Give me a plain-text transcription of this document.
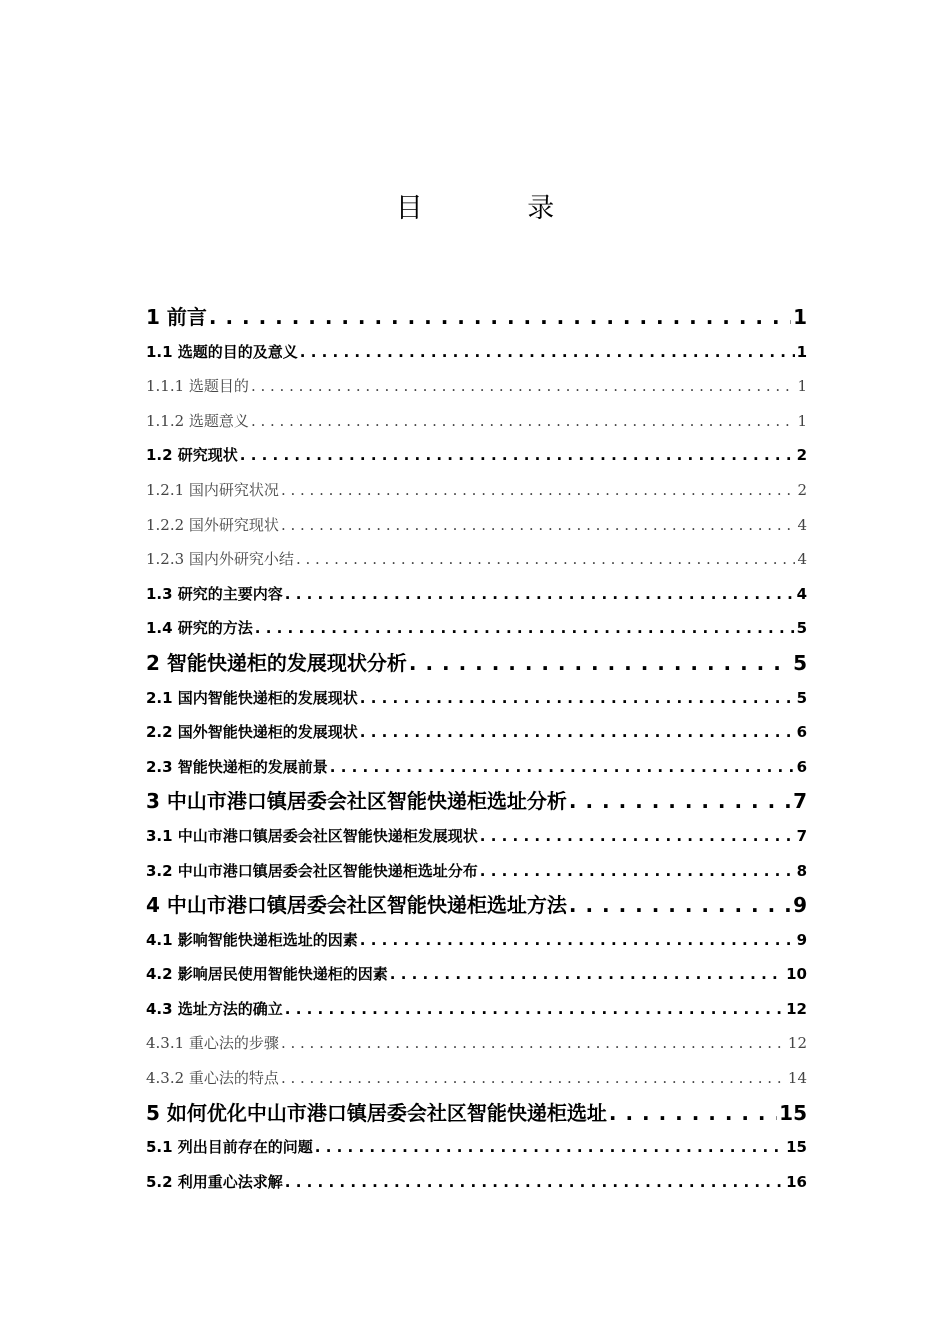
目 录
1 前言 . . .	1
1.1 选题的目的及意义 . . .	1
1.1.1 选题目的 . . .	1
1.1.2 选题意义 . . .	1
1.2 研究现状 . . .	2
1.2.1 国内研究状况 . . .	2
1.2.2 国外研究现状 . . .	4
1.2.3 国内外研究小结 . . .	4
1.3 研究的主要内容 . . .	4
1.4 研究的方法 . . .	5
2 智能快递柜的发展现状分析 . . .	5
2.1 国内智能快递柜的发展现状 . . .	5
2.2 国外智能快递柜的发展现状 . . .	6
2.3 智能快递柜的发展前景 . . .	6
3 中山市港口镇居委会社区智能快递柜选址分析 . . .	7
3.1 中山市港口镇居委会社区智能快递柜发展现状 . . .	7
3.2 中山市港口镇居委会社区智能快递柜选址分布 . . .	8
4 中山市港口镇居委会社区智能快递柜选址方法 . . .	9
4.1 影响智能快递柜选址的因素 . . .	9
4.2 影响居民使用智能快递柜的因素 . . .	10
4.3 选址方法的确立 . . .	12
4.3.1 重心法的步骤 . . .	12
4.3.2 重心法的特点 . . .	14
5 如何优化中山市港口镇居委会社区智能快递柜选址 . . .	15
5.1 列出目前存在的问题 . . .	15
5.2 利用重心法求解 . . .	16
